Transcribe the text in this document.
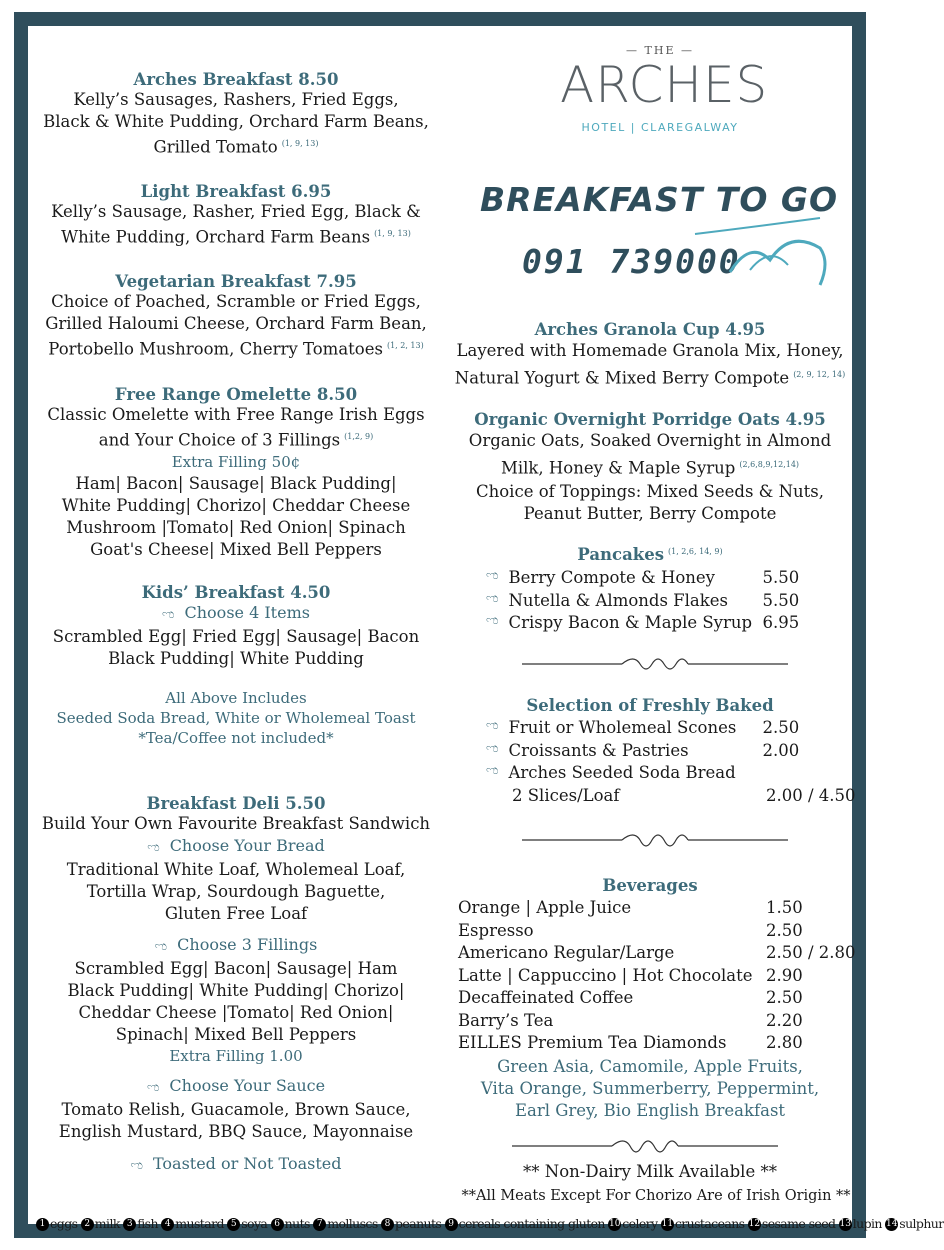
— THE —
ARCHES
HOTEL | CLAREGALWAY
BREAKFAST TO GO
091 739000
Arches Breakfast 8.50
Kelly’s Sausages, Rashers, Fried Eggs,
Black & White Pudding, Orchard Farm Beans,
Grilled Tomato $^{(1, 9, 13)}$
Light Breakfast 6.95
Kelly’s Sausage, Rasher, Fried Egg, Black &
White Pudding, Orchard Farm Beans $^{(1, 9, 13)}$
Vegetarian Breakfast 7.95
Choice of Poached, Scramble or Fried Eggs,
Grilled Haloumi Cheese, Orchard Farm Bean,
Portobello Mushroom, Cherry Tomatoes $^{(1, 2, 13)}$
Free Range Omelette 8.50
Classic Omelette with Free Range Irish Eggs
and Your Choice of 3 Fillings $^{(1,2, 9)}$
Extra Filling 50¢
Ham| Bacon| Sausage| Black Pudding|
White Pudding| Chorizo| Cheddar Cheese
Mushroom |Tomato| Red Onion| Spinach
Goat's Cheese| Mixed Bell Peppers
Kids’ Breakfast 4.50
ಌ Choose 4 Items
Scrambled Egg| Fried Egg| Sausage| Bacon
Black Pudding| White Pudding
All Above Includes
Seeded Soda Bread, White or Wholemeal Toast
*Tea/Coffee not included*
Breakfast Deli 5.50
Build Your Own Favourite Breakfast Sandwich
ಌ Choose Your Bread
Traditional White Loaf, Wholemeal Loaf,
Tortilla Wrap, Sourdough Baguette,
Gluten Free Loaf
ಌ Choose 3 Fillings
Scrambled Egg| Bacon| Sausage| Ham
Black Pudding| White Pudding| Chorizo|
Cheddar Cheese |Tomato| Red Onion|
Spinach| Mixed Bell Peppers
Extra Filling 1.00
ಌ Choose Your Sauce
Tomato Relish, Guacamole, Brown Sauce,
English Mustard, BBQ Sauce, Mayonnaise
ಌ Toasted or Not Toasted
Arches Granola Cup 4.95
Layered with Homemade Granola Mix, Honey,
Natural Yogurt & Mixed Berry Compote $^{(2, 9, 12, 14)}$
Organic Overnight Porridge Oats 4.95
Organic Oats, Soaked Overnight in Almond
Milk, Honey & Maple Syrup $^{(2,6,8,9,12,14)}$
Choice of Toppings: Mixed Seeds & Nuts,
Peanut Butter, Berry Compote
Pancakes $^{(1, 2,6, 14, 9)}$
ಌ Berry Compote & Honey	5.50
ಌ Nutella & Almonds Flakes	5.50
ಌ Crispy Bacon & Maple Syrup 6.95
Selection of Freshly Baked
ಌ Fruit or Wholemeal Scones	2.50
ಌ Croissants & Pastries	2.00
ಌ Arches Seeded Soda Bread
2 Slices/Loaf	2.00 / 4.50
Beverages
Orange | Apple Juice	1.50
Espresso	2.50
Americano Regular/Large	2.50 / 2.80
Latte | Cappuccino | Hot Chocolate 2.90
Decaffeinated Coffee	2.50
Barry’s Tea	2.20
EILLES Premium Tea Diamonds	2.80
Green Asia, Camomile, Apple Fruits,
Vita Orange, Summerberry, Peppermint,
Earl Grey, Bio English Breakfast
** Non-Dairy Milk Available **
**All Meats Except For Chorizo Are of Irish Origin **
1 eggs 2 milk 3 fish 4 mustard 5 soya 6 nuts 7 molluscs 8 peanuts 9 cereals containing gluten 10 celery 11 crustaceans 12 sesame seed 13 lupin 14 sulphur
